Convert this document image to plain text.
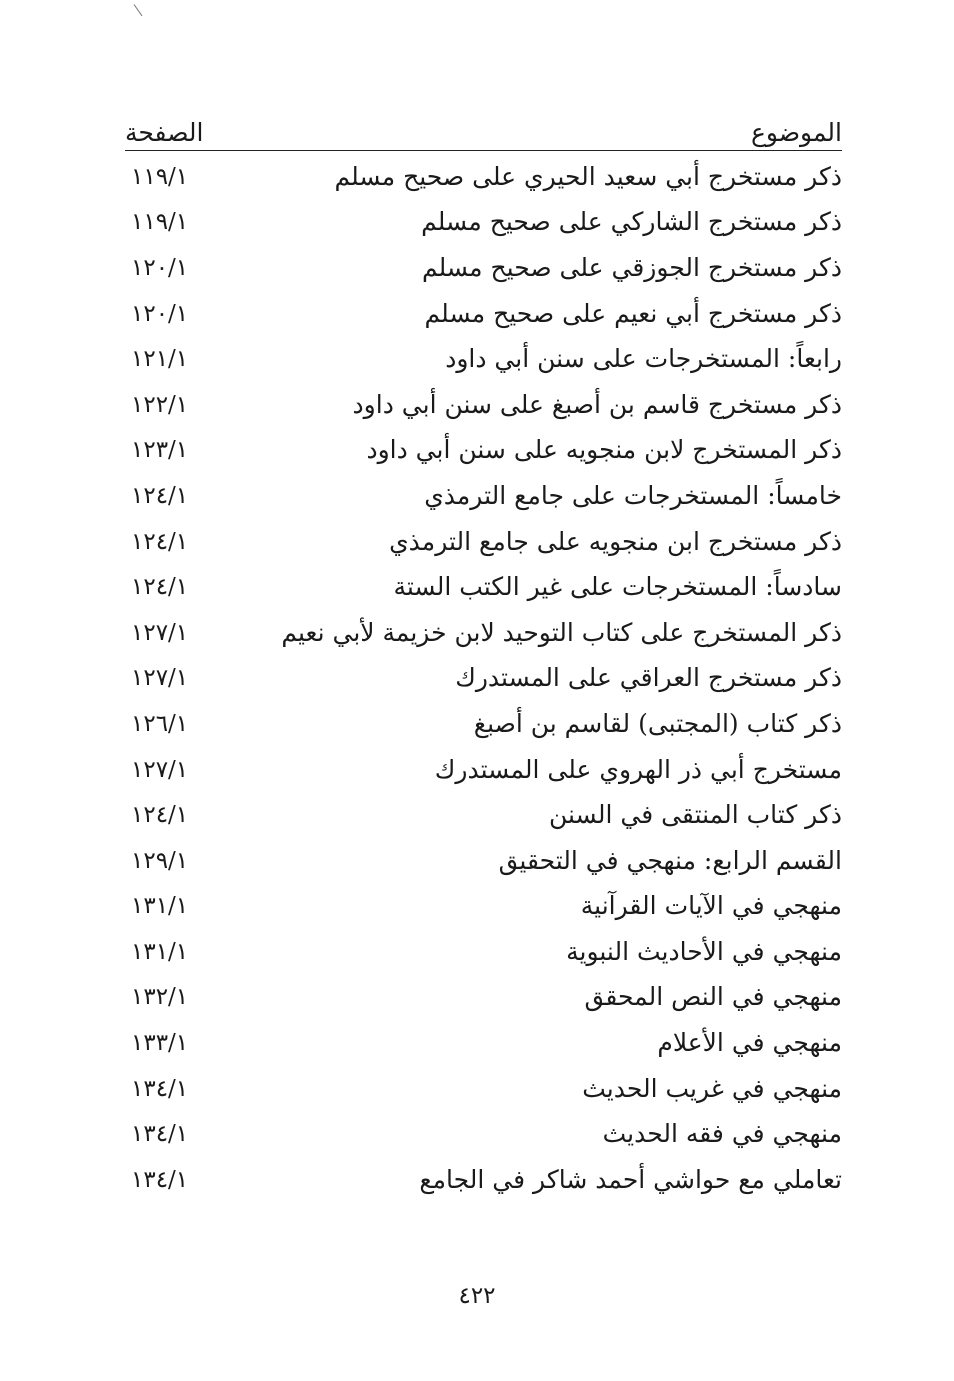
الموضوع
الصفحة
ذكر مستخرج أبي سعيد الحيري على صحيح مسلم
١١٩/١
ذكر مستخرج الشاركي على صحيح مسلم
١١٩/١
ذكر مستخرج الجوزقي على صحيح مسلم
١٢٠/١
ذكر مستخرج أبي نعيم على صحيح مسلم
١٢٠/١
رابعاً: المستخرجات على سنن أبي داود
١٢١/١
ذكر مستخرج قاسم بن أصبغ على سنن أبي داود
١٢٢/١
ذكر المستخرج لابن منجويه على سنن أبي داود
١٢٣/١
خامساً: المستخرجات على جامع الترمذي
١٢٤/١
ذكر مستخرج ابن منجويه على جامع الترمذي
١٢٤/١
سادساً: المستخرجات على غير الكتب الستة
١٢٤/١
ذكر المستخرج على كتاب التوحيد لابن خزيمة لأبي نعيم
١٢٧/١
ذكر مستخرج العراقي على المستدرك
١٢٧/١
ذكر كتاب (المجتبى) لقاسم بن أصبغ
١٢٦/١
مستخرج أبي ذر الهروي على المستدرك
١٢٧/١
ذكر كتاب المنتقى في السنن
١٢٤/١
القسم الرابع: منهجي في التحقيق
١٢٩/١
منهجي في الآيات القرآنية
١٣١/١
منهجي في الأحاديث النبوية
١٣١/١
منهجي في النص المحقق
١٣٢/١
منهجي في الأعلام
١٣٣/١
منهجي في غريب الحديث
١٣٤/١
منهجي في فقه الحديث
١٣٤/١
تعاملي مع حواشي أحمد شاكر في الجامع
١٣٤/١
٤٢٢
